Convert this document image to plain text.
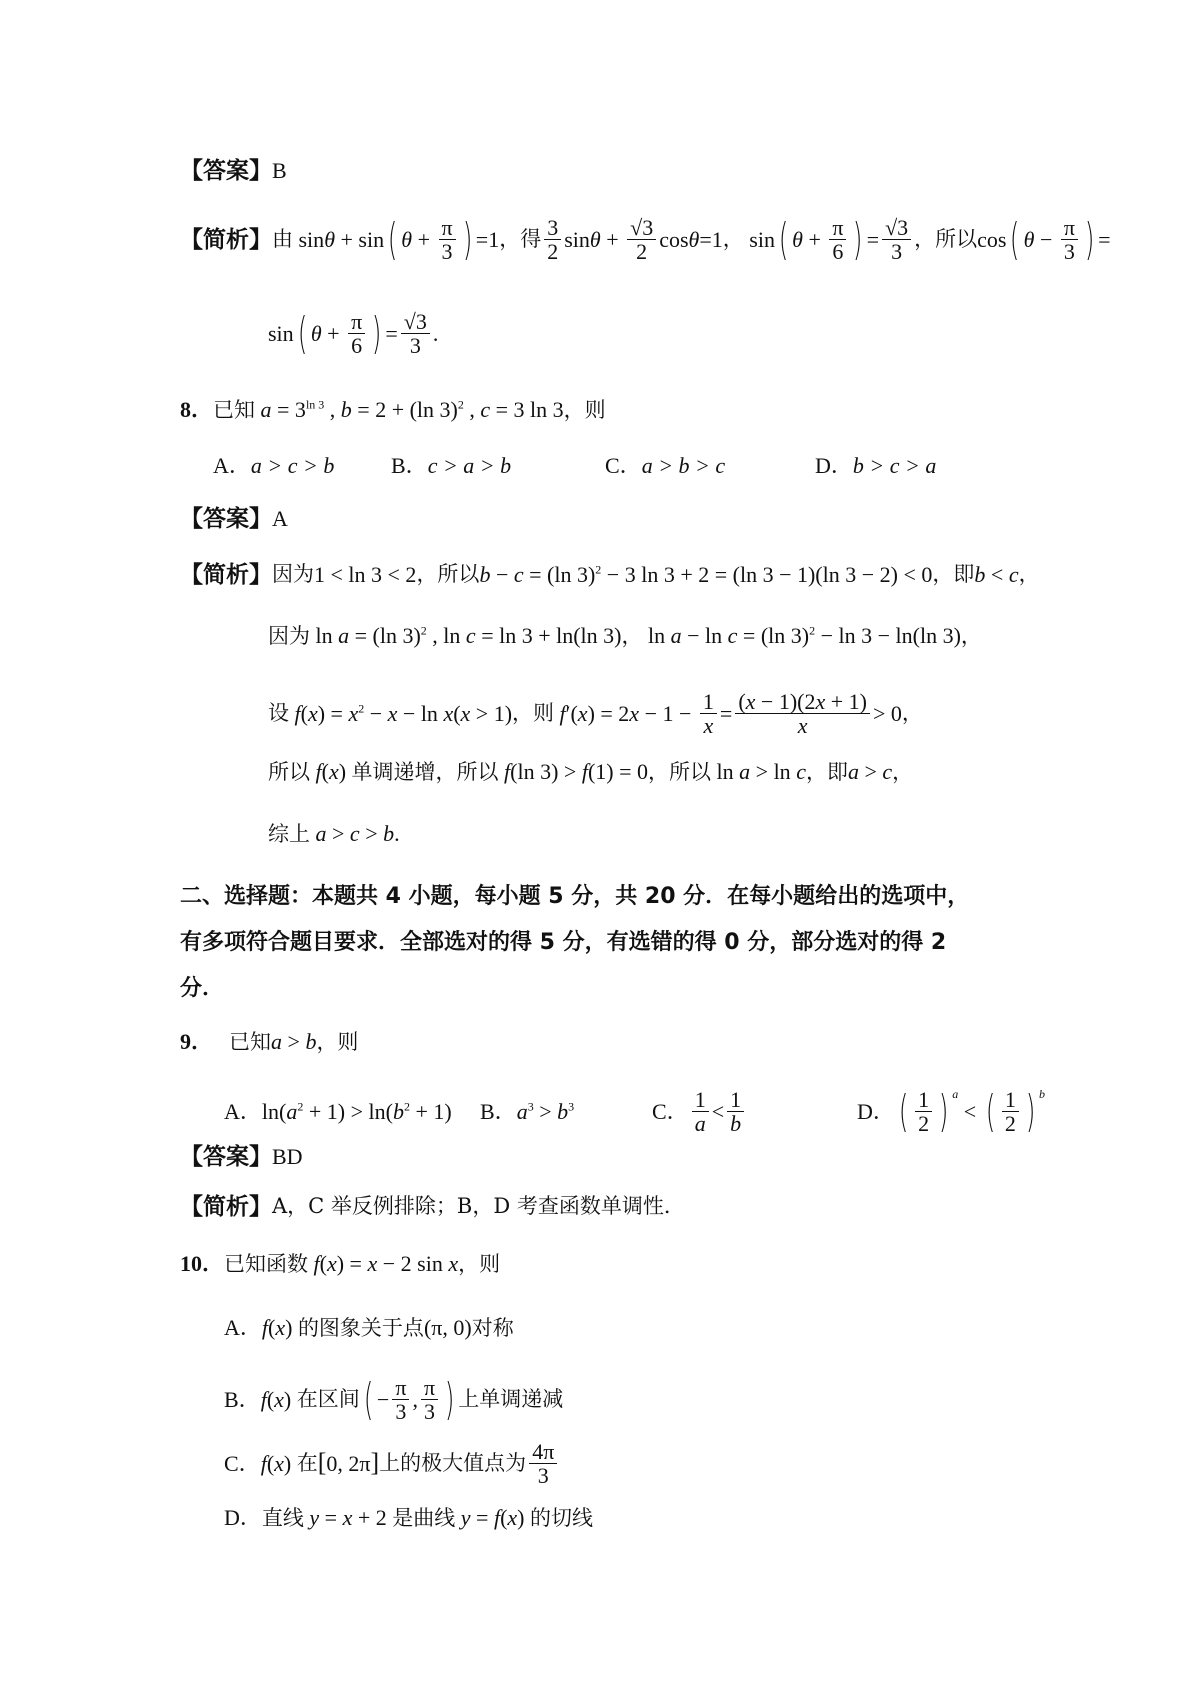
【答案】 B
【简析】 由 sinθ + sin ( $\theta + \frac{\pi}{3}$ ) =1 ，得 $\frac{3}{2}$ $\sin\theta + \frac{√3}{2} \cos\theta=1$ ， sin ( $\theta + \frac{\pi}{6}$ ) = $\frac{√3}{3}$ ，所以 cos ( $\theta - \frac{\pi}{3}$ ) =
sin ( $\theta + \frac{\pi}{6}$ ) = $\frac{√3}{3}$ .
8． 已知 $a = 3^{ln 3}$ , b = 2 + (ln 3)$^2$ , c = 3 ln 3 ，则
A．a > c > b	B．c > a > b	C．a > b > c	D．b > c > a
【答案】 A
【简析】 因为 1 < ln 3 < 2 ，所以 b − c = (ln 3)$^2$ − 3 ln 3 + 2 = (ln 3 − 1)(ln 3 − 2) < 0 ，即 b < c ，
因为 ln a = (ln 3)$^2$ , ln c = ln 3 + ln(ln 3) ， ln a − ln c = (ln 3)$^2$ − ln 3 − ln(ln 3) ，
设 f ( x ) = x $^2$ − x − ln x ( x > 1) ，则 f ′( x ) = 2 $x - 1 - \frac{1}{x} = \frac{(x - 1)(2x + 1)}{x} > 0$ ，
所以 f ( x ) 单调递增，所以 f (ln 3) > f (1) = 0 ，所以 ln a > ln c ，即 a > c ，
综上 a > c > b .
二、选择题：本题共 4 小题，每小题 5 分，共 20 分．在每小题给出的选项中，
有多项符合题目要求．全部选对的得 5 分，有选错的得 0 分，部分选对的得 2
分．
9． 已知 a > b ，则
A．$\ln(a^2 + 1) > \ln(b^2 + 1)$	B．$a^3 > b^3$	C． $\frac{1}{a} < \frac{1}{b}$	D． ( $\frac{1}{2}$ ) a
< ( $\frac{1}{2}$ ) b
【答案】 BD
【简析】 A，C 举反例排除；B，D 考查函数单调性．
10． 已知函数 f ( x ) = x − 2 sin x ，则
A． f ( x ) 的图象关于点 (π, 0) 对称
B． f ( x ) 在区间 ( − $\frac{\pi}{3}$ , $\frac{\pi}{3}$ ) 上单调递减
C． f ( x ) 在 [ 0, 2π ] 上的极大值点为 $\frac{4\pi}{3}$
D． 直线 y = x + 2 是曲线 y = f ( x ) 的切线
